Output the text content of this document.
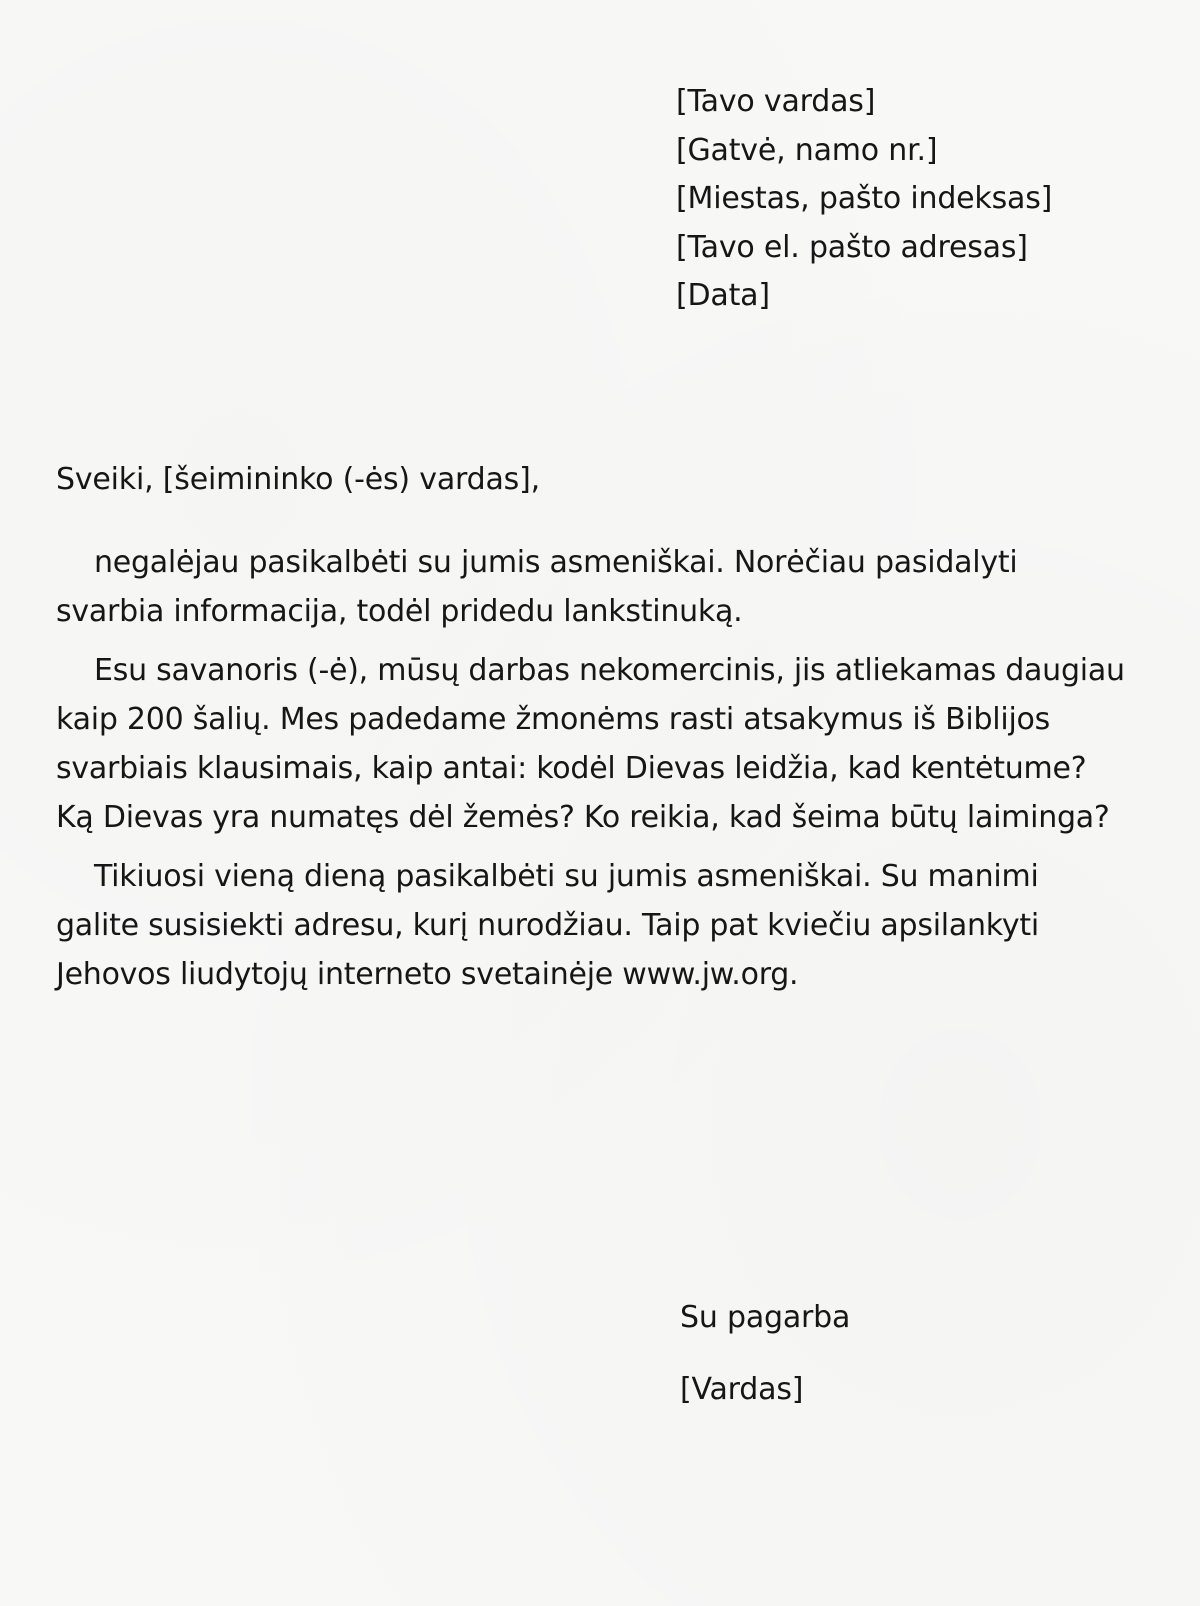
[Tavo vardas]
[Gatvė, namo nr.]
[Miestas, pašto indeksas]
[Tavo el. pašto adresas]
[Data]
Sveiki, [šeimininko (-ės) vardas],

negalėjau pasikalbėti su jumis asmeniškai. Norėčiau pasidalyti svarbia informacija, todėl pridedu lankstinuką.

Esu savanoris (-ė), mūsų darbas nekomercinis, jis atliekamas daugiau kaip 200 šalių. Mes padedame žmonėms rasti atsakymus iš Biblijos svarbiais klausimais, kaip antai: kodėl Dievas leidžia, kad kentėtume? Ką Dievas yra numatęs dėl žemės? Ko reikia, kad šeima būtų laiminga?

Tikiuosi vieną dieną pasikalbėti su jumis asmeniškai. Su manimi galite susisiekti adresu, kurį nurodžiau. Taip pat kviečiu apsilankyti Jehovos liudytojų interneto svetainėje www.jw.org.

Su pagarba
[Vardas]
